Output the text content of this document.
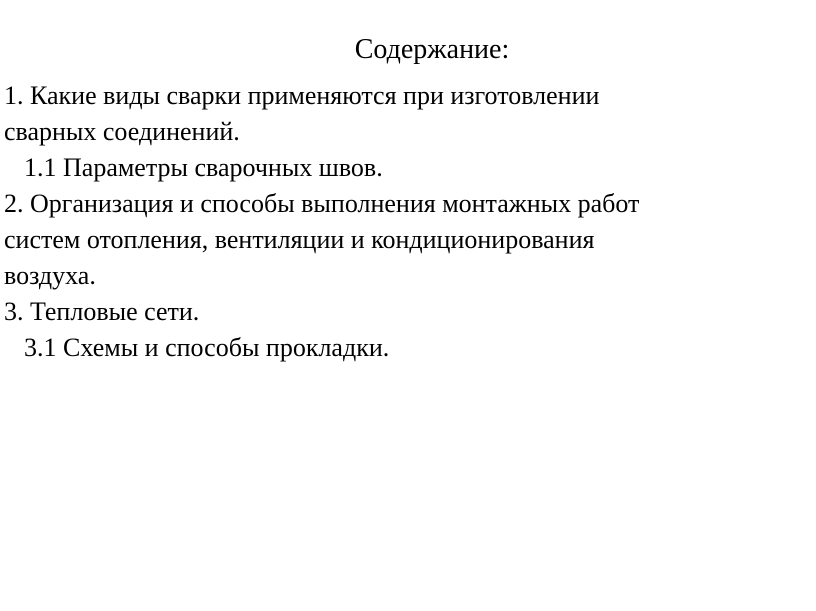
Содержание:
1. Какие виды сварки применяются при изготовлении
сварных соединений.
1.1 Параметры сварочных швов.
2. Организация и способы выполнения монтажных работ
систем отопления, вентиляции и кондиционирования
воздуха.
3. Тепловые сети.
3.1 Схемы и способы прокладки.
